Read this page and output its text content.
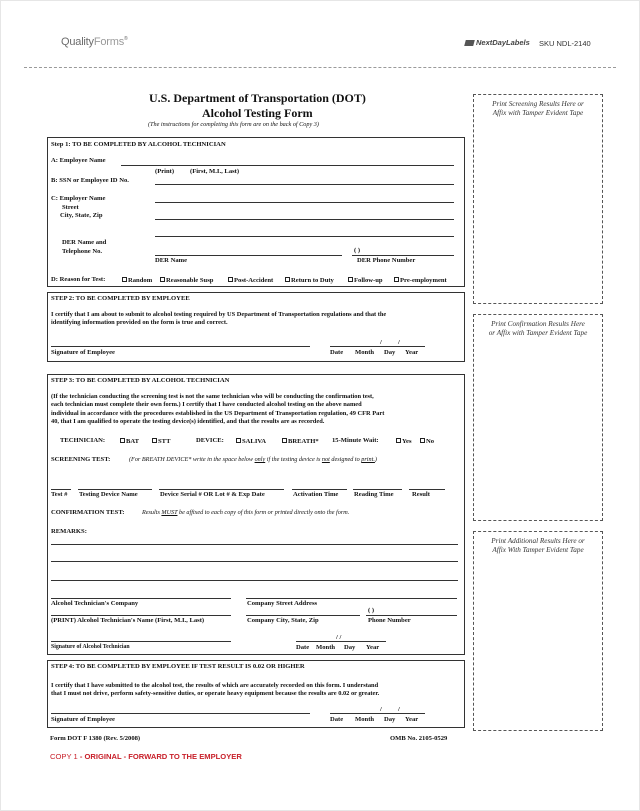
QualityForms®	NextDayLabels SKU NDL-2140
U.S. Department of Transportation (DOT)
Alcohol Testing Form
(The instructions for completing this form are on the back of Copy 3)
Step 1: TO BE COMPLETED BY ALCOHOL TECHNICIAN
A: Employee Name
(Print) (First, M.I., Last)
B: SSN or Employee ID No.
C: Employer Name
Street
City, State, Zip
DER Name and
Telephone No.	( )
DER Name	DER Phone Number
D: Reason for Test:	Random	Reasonable Susp	Post-Accident	Return to Duty	Follow-up	Pre-employment
STEP 2: TO BE COMPLETED BY EMPLOYEE
I certify that I am about to submit to alcohol testing required by US Department of Transportation regulations and that the
identifying information provided on the form is true and correct.
/ /
Signature of Employee	Date Month Day Year
STEP 3: TO BE COMPLETED BY ALCOHOL TECHNICIAN
(If the technician conducting the screening test is not the same technician who will be conducting the confirmation test,
each technician must complete their own form.) I certify that I have conducted alcohol testing on the above named
individual in accordance with the procedures established in the US Department of Transportation regulation, 49 CFR Part
40, that I am qualified to operate the testing device(s) identified, and that the results are as recorded.
TECHNICIAN:	BAT	STT	DEVICE:	SALIVA	BREATH* 15-Minute Wait:	Yes	No
SCREENING TEST:	(For BREATH DEVICE* write in the space below only if the testing device is not designed to print.)
Test # Testing Device Name	Device Serial # OR Lot # & Exp Date	Activation Time Reading Time	Result
CONFIRMATION TEST:	Results MUST be affixed to each copy of this form or printed directly onto the form.
REMARKS:
Alcohol Technician's Company	Company Street Address
( )
(PRINT) Alcohol Technician's Name (First, M.I., Last)	Company City, State, Zip	Phone Number
/ /
Signature of Alcohol Technician	Date Month Day Year
STEP 4: TO BE COMPLETED BY EMPLOYEE IF TEST RESULT IS 0.02 OR HIGHER
I certify that I have submitted to the alcohol test, the results of which are accurately recorded on this form. I understand
that I must not drive, perform safety-sensitive duties, or operate heavy equipment because the results are 0.02 or greater.
/ /
Signature of Employee	Date Month Day Year
Form DOT F 1380 (Rev. 5/2008)	OMB No. 2105-0529
COPY 1 - ORIGINAL - FORWARD TO THE EMPLOYER
Print Screening Results Here or
Affix with Tamper Evident Tape
Print Confirmation Results Here
or Affix with Tamper Evident Tape
Print Additional Results Here or
Affix With Tamper Evident Tape
